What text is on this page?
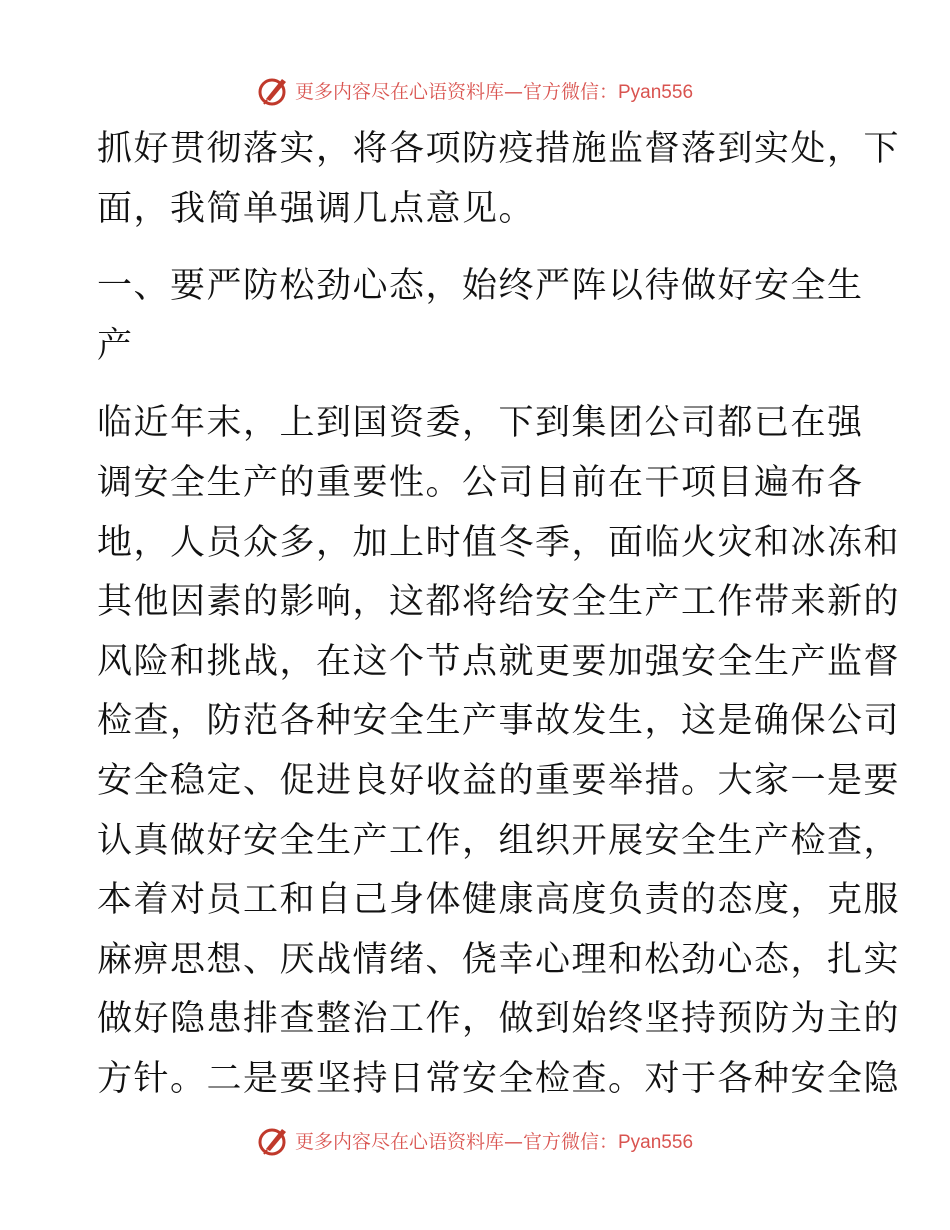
更多内容尽在心语资料库—官方微信：Pyan556

抓好贯彻落实，将各项防疫措施监督落到实处，下

面，我简单强调几点意见。

一、要严防松劲心态，始终严阵以待做好安全生

产

临近年末，上到国资委，下到集团公司都已在强

调安全生产的重要性。公司目前在干项目遍布各

地，人员众多，加上时值冬季，面临火灾和冰冻和

其他因素的影响，这都将给安全生产工作带来新的

风险和挑战，在这个节点就更要加强安全生产监督

检查，防范各种安全生产事故发生，这是确保公司

安全稳定、促进良好收益的重要举措。大家一是要

认真做好安全生产工作，组织开展安全生产检查，

本着对员工和自己身体健康高度负责的态度，克服

麻痹思想、厌战情绪、侥幸心理和松劲心态，扎实

做好隐患排查整治工作，做到始终坚持预防为主的

方针。二是要坚持日常安全检查。对于各种安全隐

更多内容尽在心语资料库—官方微信：Pyan556
